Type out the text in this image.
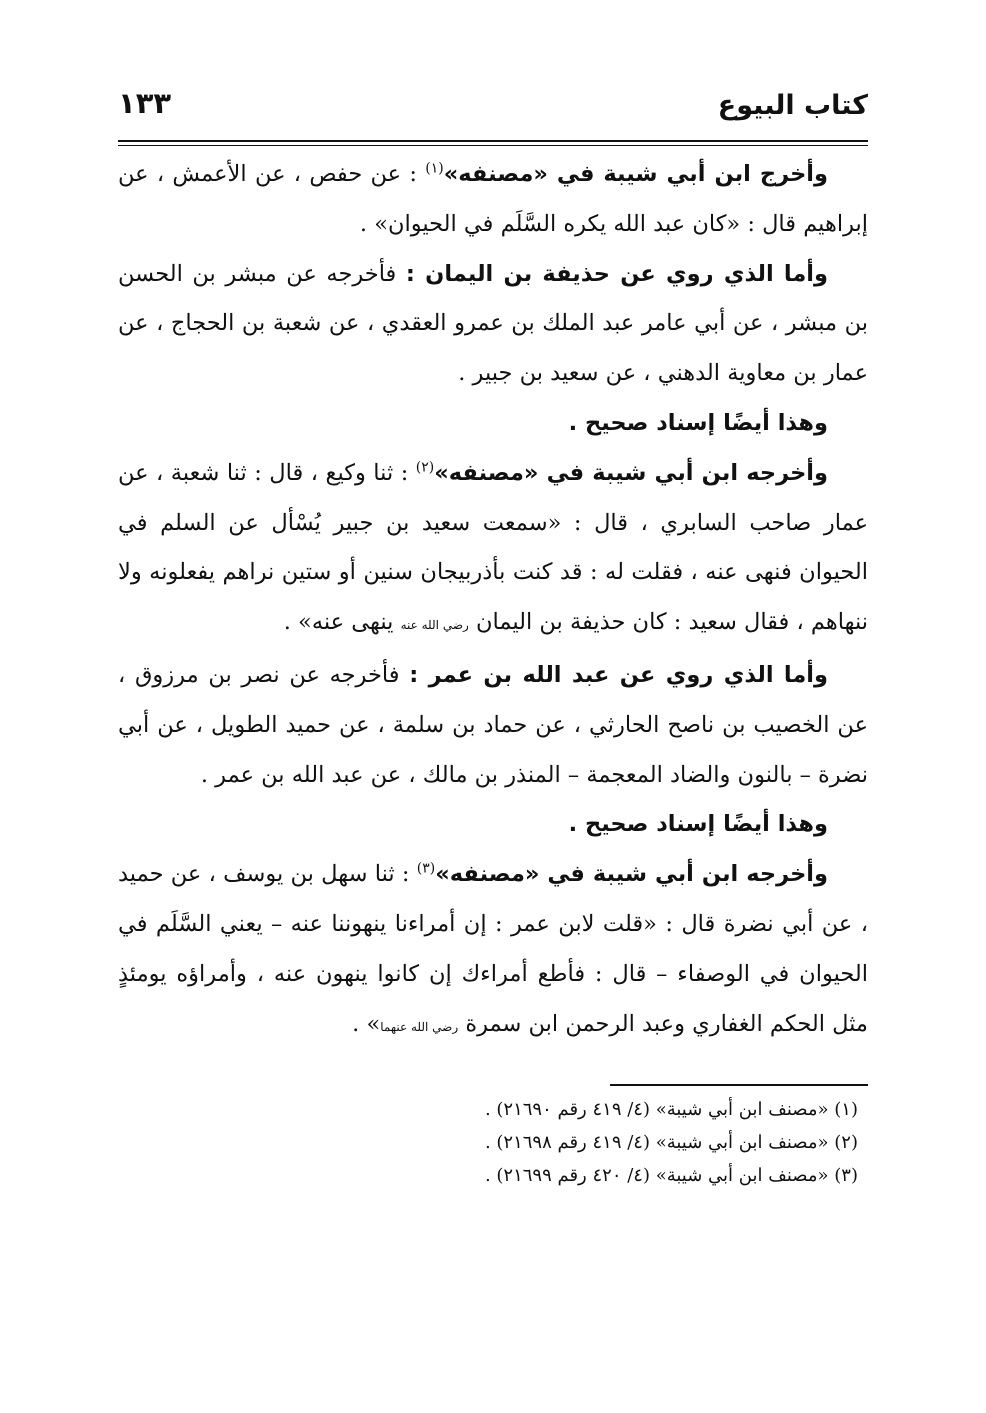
كتاب البيوع
١٣٣

وأخرج ابن أبي شيبة في «مصنفه»$^{(١)}$ : عن حفص ، عن الأعمش ، عن إبراهيم قال : «كان عبد الله يكره السَّلَم في الحيوان» .

وأما الذي روي عن حذيفة بن اليمان : فأخرجه عن مبشر بن الحسن بن مبشر ، عن أبي عامر عبد الملك بن عمرو العقدي ، عن شعبة بن الحجاج ، عن عمار بن معاوية الدهني ، عن سعيد بن جبير .

وهذا أيضًا إسناد صحيح .

وأخرجه ابن أبي شيبة في «مصنفه»$^{(٢)}$ : ثنا وكيع ، قال : ثنا شعبة ، عن عمار صاحب السابري ، قال : «سمعت سعيد بن جبير يُسْأل عن السلم في الحيوان فنهى عنه ، فقلت له : قد كنت بأذربيجان سنين أو ستين نراهم يفعلونه ولا ننهاهم ، فقال سعيد : كان حذيفة بن اليمان رضي الله عنه ينهى عنه» .

وأما الذي روي عن عبد الله بن عمر : فأخرجه عن نصر بن مرزوق ، عن الخصيب بن ناصح الحارثي ، عن حماد بن سلمة ، عن حميد الطويل ، عن أبي نضرة – بالنون والضاد المعجمة – المنذر بن مالك ، عن عبد الله بن عمر .

وهذا أيضًا إسناد صحيح .

وأخرجه ابن أبي شيبة في «مصنفه»$^{(٣)}$ : ثنا سهل بن يوسف ، عن حميد ، عن أبي نضرة قال : «قلت لابن عمر : إن أمراءنا ينهوننا عنه – يعني السَّلَم في الحيوان في الوصفاء – قال : فأطع أمراءك إن كانوا ينهون عنه ، وأمراؤه يومئذٍ مثل الحكم الغفاري وعبد الرحمن ابن سمرة رضي الله عنهما» .

(١) «مصنف ابن أبي شيبة» (٤/ ٤١٩ رقم ٢١٦٩٠) .

(٢) «مصنف ابن أبي شيبة» (٤/ ٤١٩ رقم ٢١٦٩٨) .

(٣) «مصنف ابن أبي شيبة» (٤/ ٤٢٠ رقم ٢١٦٩٩) .
